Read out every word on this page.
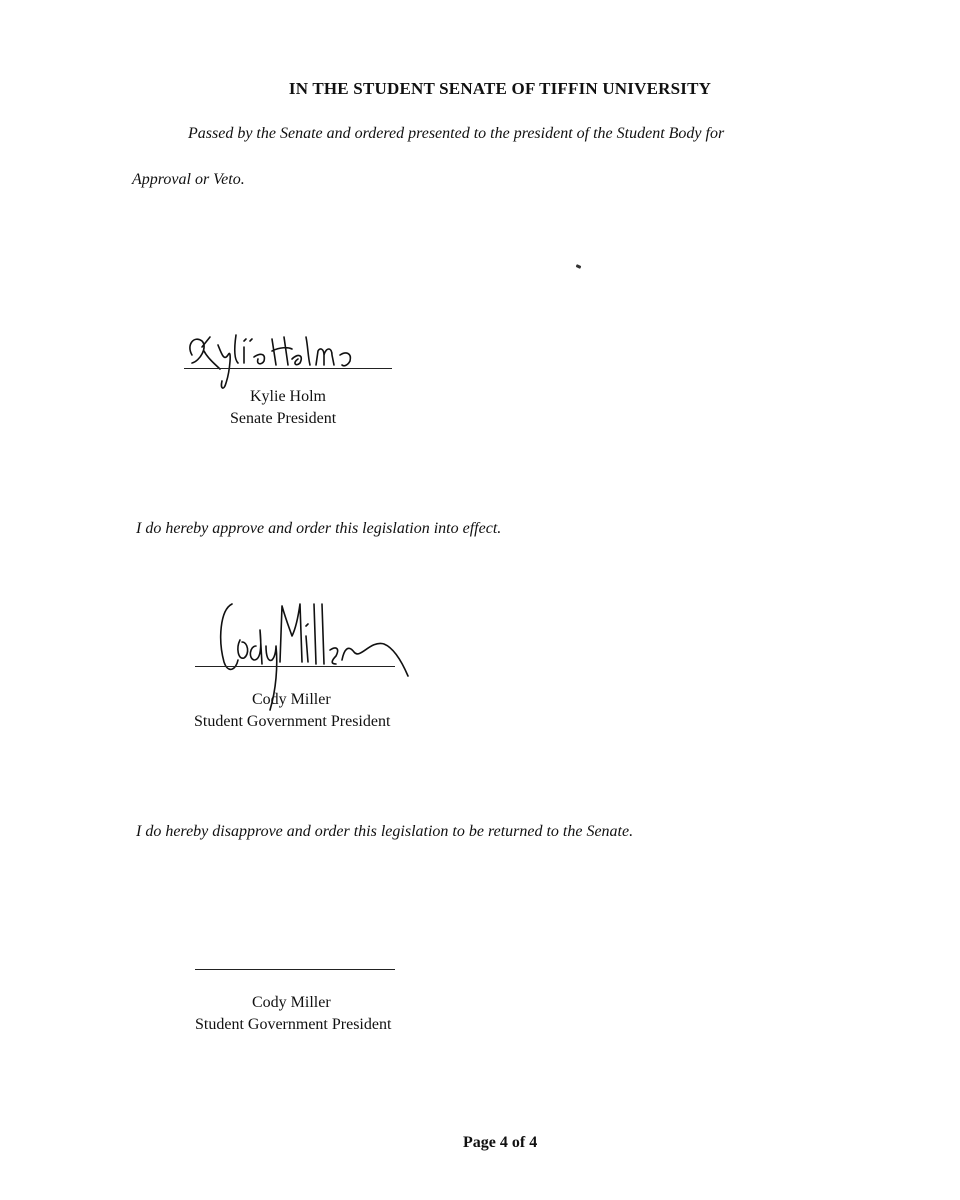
IN THE STUDENT SENATE OF TIFFIN UNIVERSITY
Passed by the Senate and ordered presented to the president of the Student Body for
Approval or Veto.
Kylie Holm
Senate President
I do hereby approve and order this legislation into effect.
Cody Miller
Student Government President
I do hereby disapprove and order this legislation to be returned to the Senate.
Cody Miller
Student Government President
Page 4 of 4
